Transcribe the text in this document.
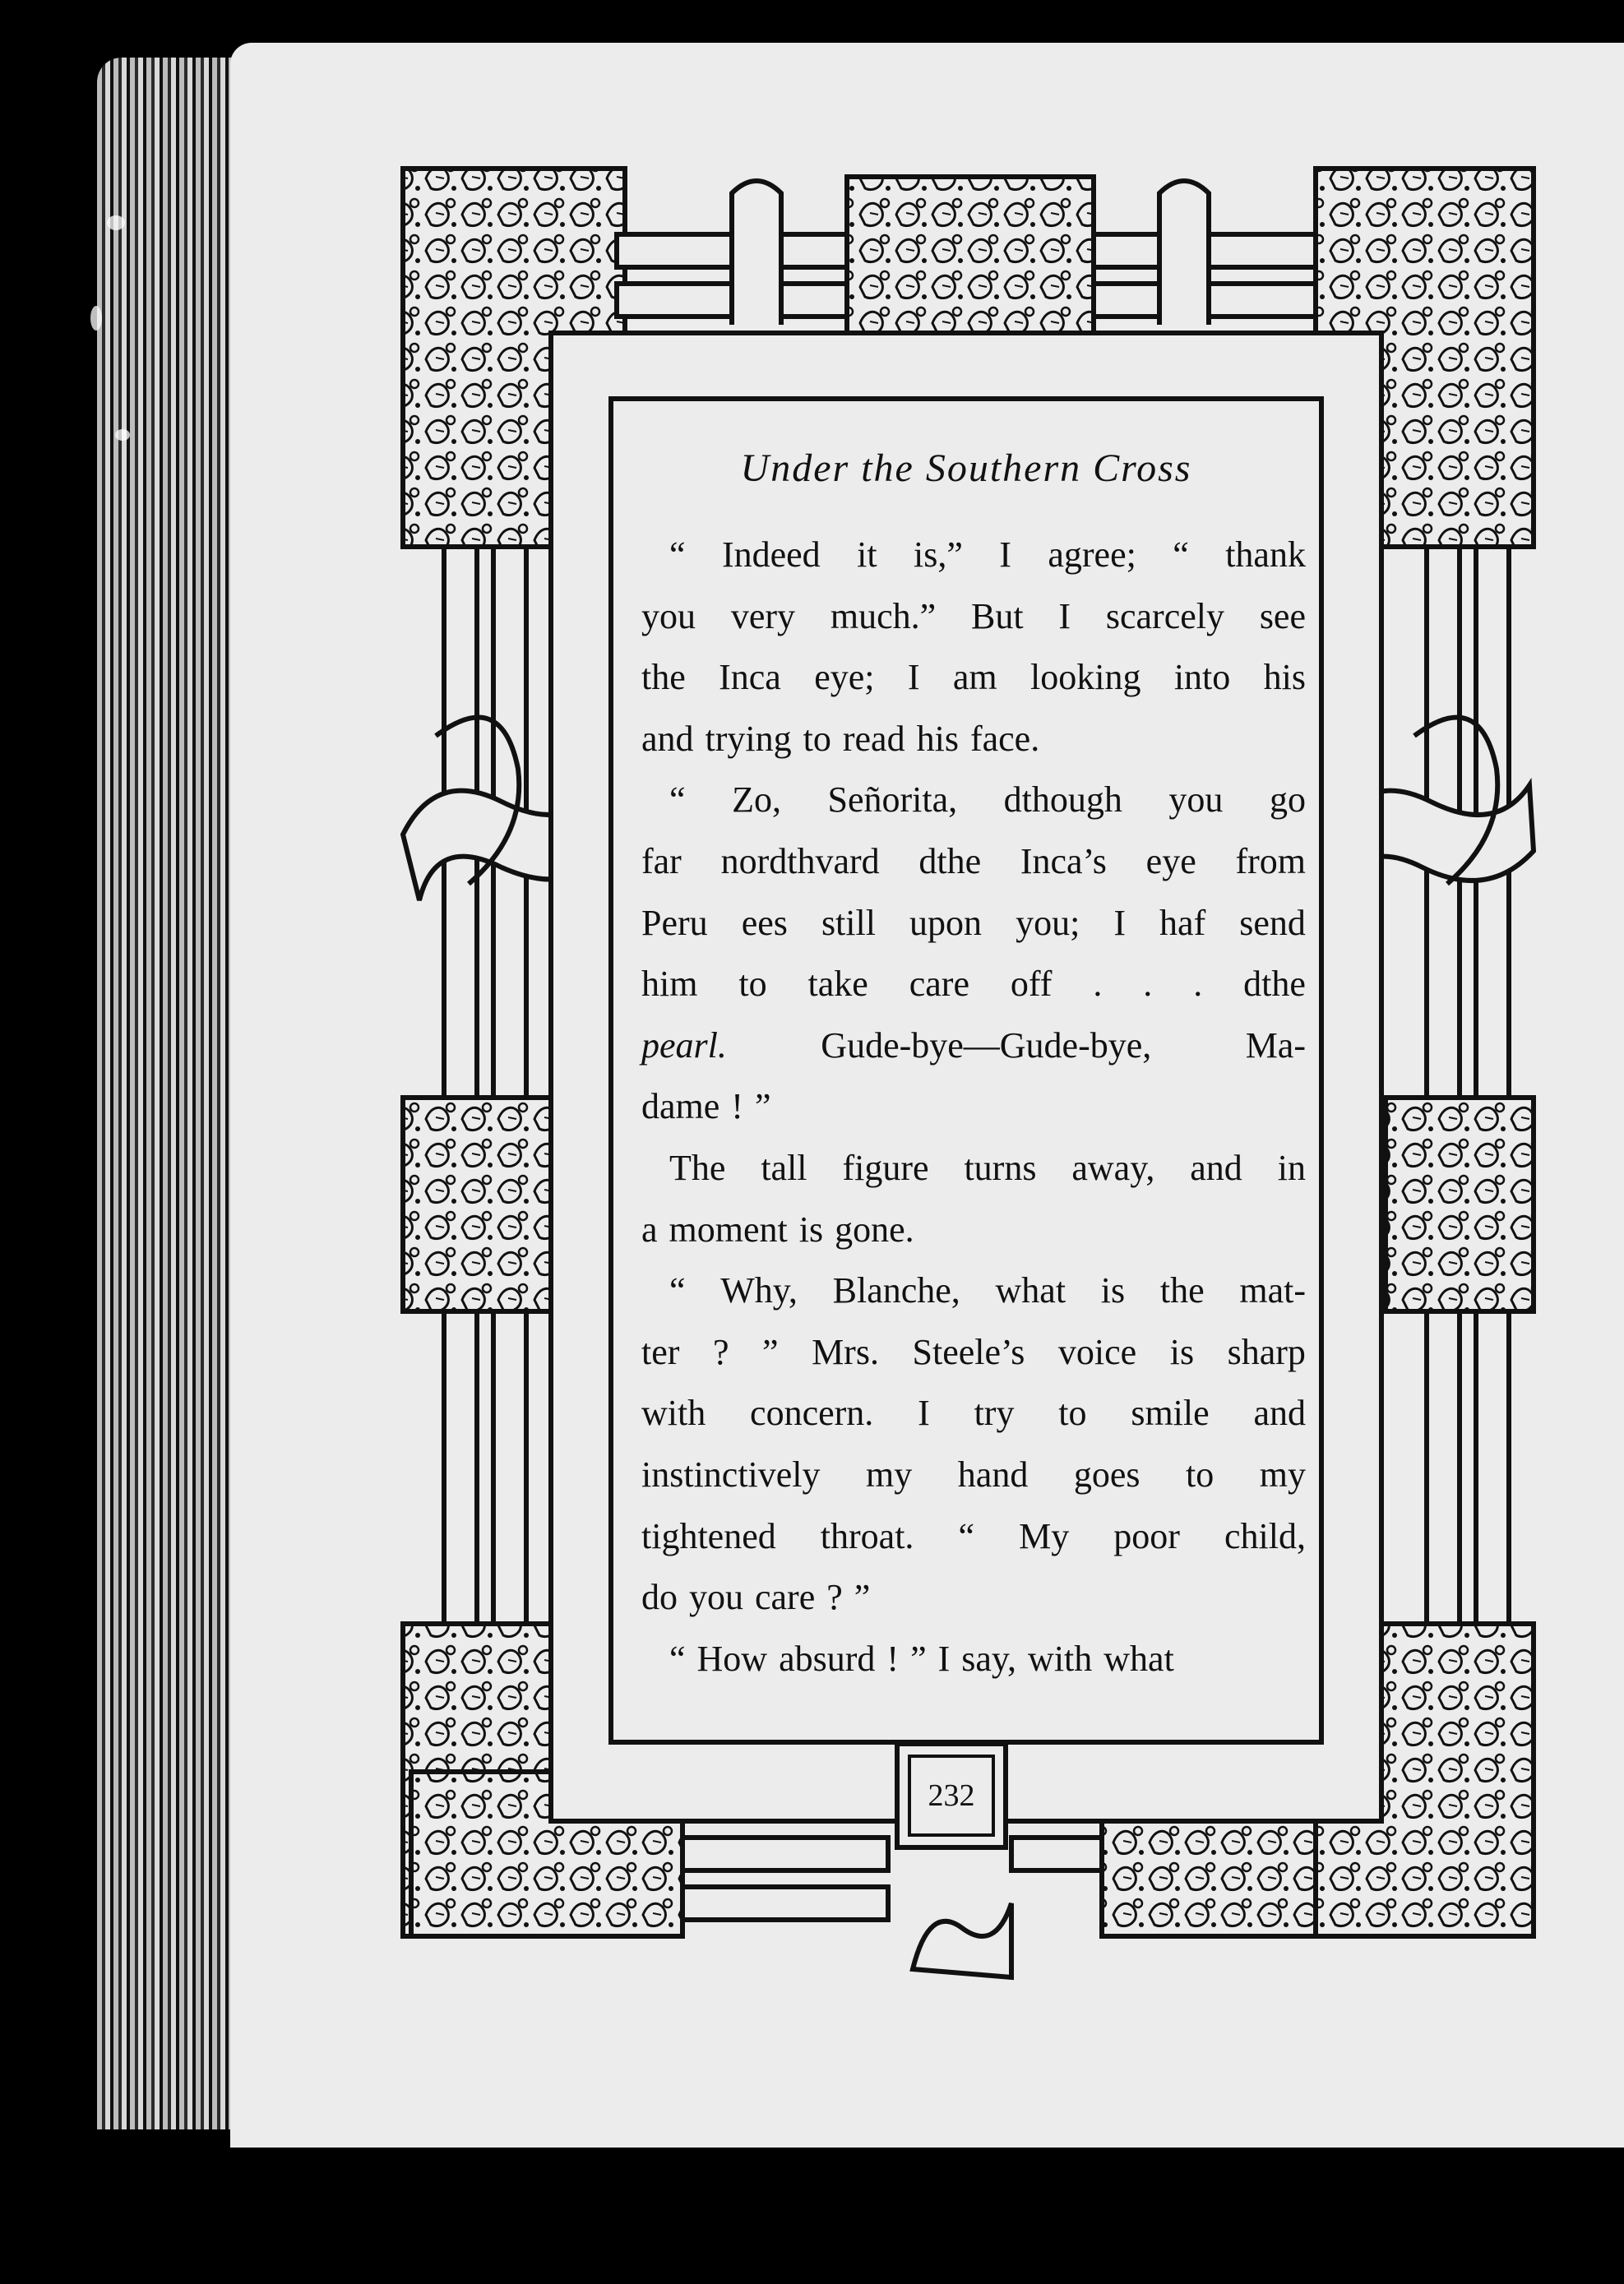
Under the Southern Cross
“ Indeed it is,” I agree; “ thank
you very much.” But I scarcely see
the Inca eye; I am looking into his
and trying to read his face.
“ Zo, Señorita, dthough you go
far nordthvard dthe Inca’s eye from
Peru ees still upon you; I haf send
him to take care off . . . dthe
pearl.	Gude-bye—Gude-bye,	Ma-
dame ! ”
The tall figure turns away, and in
a moment is gone.
“ Why, Blanche, what is the mat-
ter ? ” Mrs. Steele’s voice is sharp
with concern. I try to smile and
instinctively my hand goes to my
tightened throat. “ My poor child,
do you care ? ”
“ How absurd ! ” I say, with what
232
